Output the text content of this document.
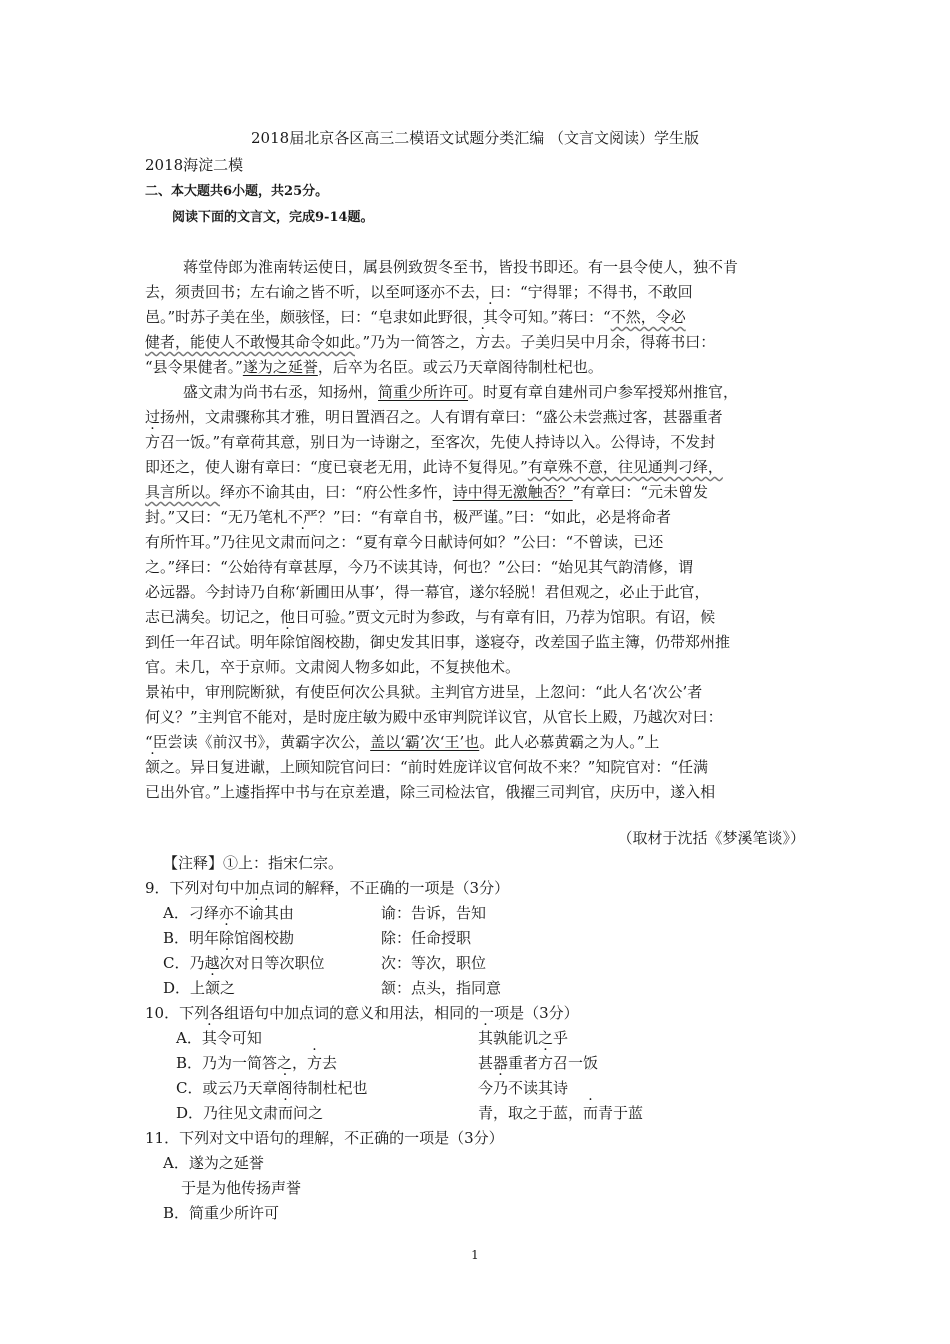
2018届北京各区高三二模语文试题分类汇编 （文言文阅读）学生版
2018海淀二模
二、本大题共6小题，共25分。
阅读下面的文言文，完成9-14题。
蒋堂侍郎为淮南转运使日，属县例致贺冬至书，皆投书即还。有一县令使人，独不肯
去，须责回书；左右谕之皆不听，以至呵逐亦不去，曰：“宁得罪；不得书，不敢回
邑。”时苏子美在坐，颇骇怪，曰：“皂隶如此野很，其令可知。”蒋曰：“不然，令必
健者，能使人不敢慢其命令如此。”乃为一简答之，方去。子美归吴中月余，得蒋书曰：
“县令果健者。”遂为之延誉，后卒为名臣。或云乃天章阁待制杜杞也。
盛文肃为尚书右丞，知扬州，简重少所许可。时夏有章自建州司户参军授郑州推官，
过扬州，文肃骤称其才雅，明日置酒召之。人有谓有章曰：“盛公未尝燕过客，甚器重者
方召一饭。”有章荷其意，别日为一诗谢之，至客次，先使人持诗以入。公得诗，不发封
即还之，使人谢有章曰：“度已衰老无用，此诗不复得见。”有章殊不意，往见通判刁绎，
具言所以。绎亦不谕其由，曰：“府公性多忤，诗中得无激触否？”有章曰：“元未曾发
封。”又曰：“无乃笔札不严？”曰：“有章自书，极严谨。”曰：“如此，必是将命者
有所忤耳。”乃往见文肃而问之：“夏有章今日献诗何如？”公曰：“不曾读，已还
之。”绎曰：“公始待有章甚厚，今乃不读其诗，何也？”公曰：“始见其气韵清修，谓
必远器。今封诗乃自称‘新圃田从事’，得一幕官，遂尔轻脱！君但观之，必止于此官，
志已满矣。切记之，他日可验。”贾文元时为参政，与有章有旧，乃荐为馆职。有诏，候
到任一年召试。明年除馆阁校勘，御史发其旧事，遂寝夺，改差国子监主簿，仍带郑州推
官。未几，卒于京师。文肃阅人物多如此，不复挟他术。
景祐中，审刑院断狱，有使臣何次公具狱。主判官方进呈，上忽问：“此人名‘次公’者
何义？”主判官不能对，是时庞庄敏为殿中丞审判院详议官，从官长上殿，乃越次对曰：
“臣尝读《前汉书》，黄霸字次公，盖以‘霸’次‘王’也。此人必慕黄霸之为人。”上
颔之。异日复进谳，上顾知院官问曰：“前时姓庞详议官何故不来？”知院官对：“任满
已出外官。”上遽指挥中书与在京差遣，除三司检法官，俄擢三司判官，庆历中，遂入相
（取材于沈括《梦溪笔谈》）
【注释】①上：指宋仁宗。
9．下列对句中加点词的解释，不正确的一项是（3分）
A．刁绎亦不谕其由	谕：告诉，告知
B．明年除馆阁校勘	除：任命授职
C．乃越次对日等次职位	次：等次，职位
D．上颔之	颔：点头，指同意
10．下列各组语句中加点词的意义和用法，相同的一项是（3分）
A．其令可知	其孰能讥之乎
B．乃为一简答之，方去	甚器重者方召一饭
C．或云乃天章阁待制杜杞也	今乃不读其诗
D．乃往见文肃而问之	青，取之于蓝，而青于蓝
11．下列对文中语句的理解，不正确的一项是（3分）
A．遂为之延誉
于是为他传扬声誉
B．简重少所许可
1
